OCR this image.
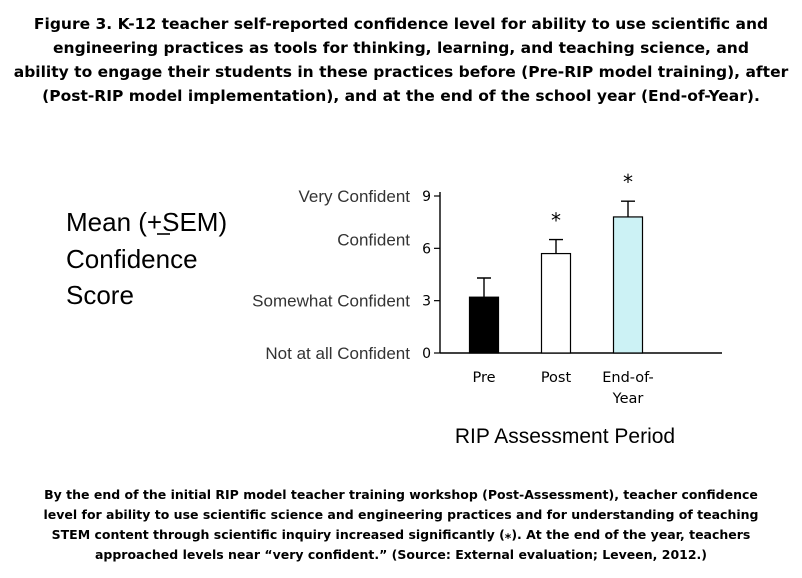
Figure 3. K-12 teacher self-reported confidence level for ability to use scientific and
engineering practices as tools for thinking, learning, and teaching science, and
ability to engage their students in these practices before (Pre-RIP model training), after
(Post-RIP model implementation), and at the end of the school year (End-of-Year).
Mean (+SEM)
Confidence
Score
Very Confident
Confident
Somewhat Confident
Not at all Confident 0
3
6
9
*
*
Pre	Post End-of-
Year
RIP Assessment Period

By the end of the initial RIP model teacher training workshop (Post-Assessment), teacher confidence
level for ability to use scientific science and engineering practices and for understanding of teaching
STEM content through scientific inquiry increased significantly (⁎). At the end of the year, teachers
approached levels near “very confident.” (Source: External evaluation; Leveen, 2012.)
